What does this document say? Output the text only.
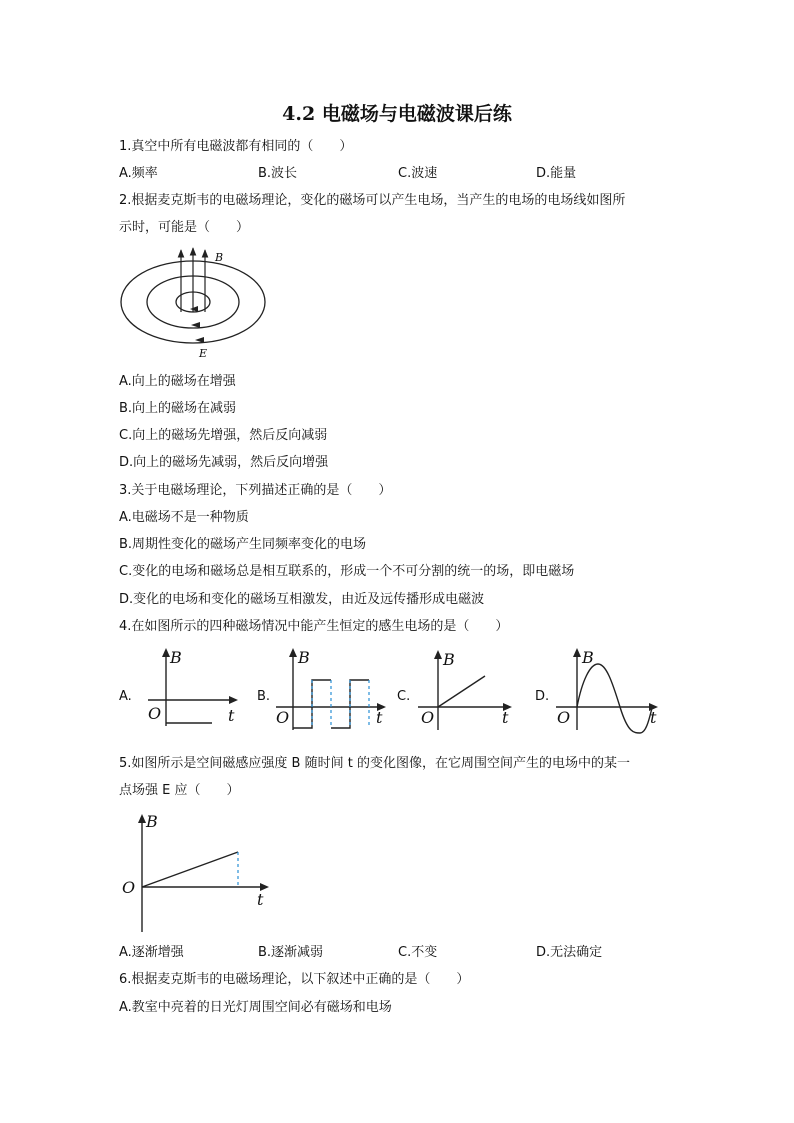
4.2 电磁场与电磁波课后练
1.真空中所有电磁波都有相同的（　　）
A.频率	B.波长	C.波速	D.能量
2.根据麦克斯韦的电磁场理论，变化的磁场可以产生电场，当产生的电场的电场线如图所
示时，可能是（　　）
B
E
A.向上的磁场在增强
B.向上的磁场在减弱
C.向上的磁场先增强，然后反向减弱
D.向上的磁场先减弱，然后反向增强
3.关于电磁场理论，下列描述正确的是（　　）
A.电磁场不是一种物质
B.周期性变化的磁场产生同频率变化的电场
C.变化的电场和磁场总是相互联系的，形成一个不可分割的统一的场，即电磁场
D.变化的电场和变化的磁场互相激发，由近及远传播形成电磁波
4.在如图所示的四种磁场情况中能产生恒定的感生电场的是（　　）
A.
B
t
O
B.
B
t
O
C.
B
t
O
D.
B
t
O
5.如图所示是空间磁感应强度 B 随时间 t 的变化图像，在它周围空间产生的电场中的某一
点场强 E 应（　　）
B
t
O
A.逐渐增强	B.逐渐减弱	C.不变	D.无法确定
6.根据麦克斯韦的电磁场理论，以下叙述中正确的是（　　）
A.教室中亮着的日光灯周围空间必有磁场和电场
